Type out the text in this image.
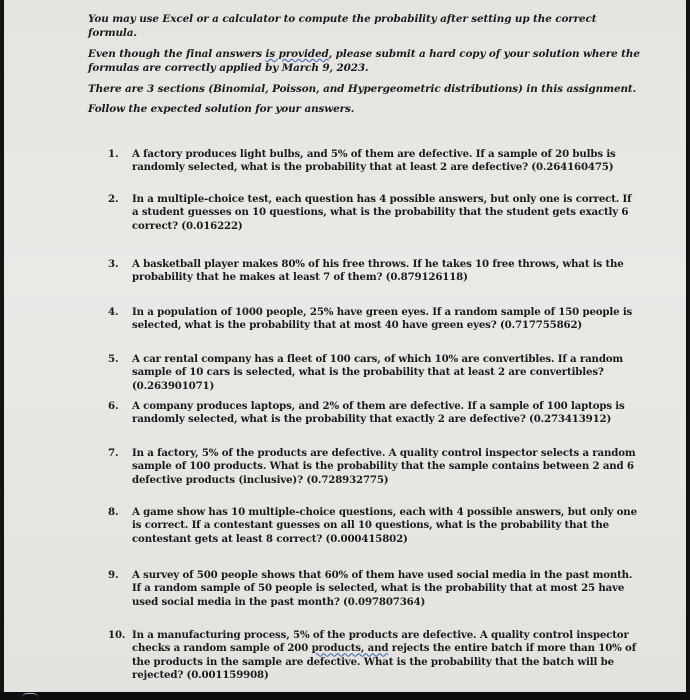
You may use Excel or a calculator to compute the probability after setting up the correct formula.

Even though the final answers is provided, please submit a hard copy of your solution where the formulas are correctly applied by March 9, 2023.

There are 3 sections (Binomial, Poisson, and Hypergeometric distributions) in this assignment.

Follow the expected solution for your answers.

1.	A factory produces light bulbs, and 5% of them are defective. If a sample of 20 bulbs is randomly selected, what is the probability that at least 2 are defective? (0.264160475)
2.	In a multiple-choice test, each question has 4 possible answers, but only one is correct. If a student guesses on 10 questions, what is the probability that the student gets exactly 6 correct? (0.016222)
3.	A basketball player makes 80% of his free throws. If he takes 10 free throws, what is the probability that he makes at least 7 of them? (0.879126118)
4.	In a population of 1000 people, 25% have green eyes. If a random sample of 150 people is selected, what is the probability that at most 40 have green eyes? (0.717755862)
5.	A car rental company has a fleet of 100 cars, of which 10% are convertibles. If a random sample of 10 cars is selected, what is the probability that at least 2 are convertibles? (0.263901071)
6.	A company produces laptops, and 2% of them are defective. If a sample of 100 laptops is randomly selected, what is the probability that exactly 2 are defective? (0.273413912)
7.	In a factory, 5% of the products are defective. A quality control inspector selects a random sample of 100 products. What is the probability that the sample contains between 2 and 6 defective products (inclusive)? (0.728932775)
8.	A game show has 10 multiple-choice questions, each with 4 possible answers, but only one is correct. If a contestant guesses on all 10 questions, what is the probability that the contestant gets at least 8 correct? (0.000415802)
9.	A survey of 500 people shows that 60% of them have used social media in the past month. If a random sample of 50 people is selected, what is the probability that at most 25 have used social media in the past month? (0.097807364)
10. In a manufacturing process, 5% of the products are defective. A quality control inspector checks a random sample of 200 products, and rejects the entire batch if more than 10% of the products in the sample are defective. What is the probability that the batch will be rejected? (0.001159908)
